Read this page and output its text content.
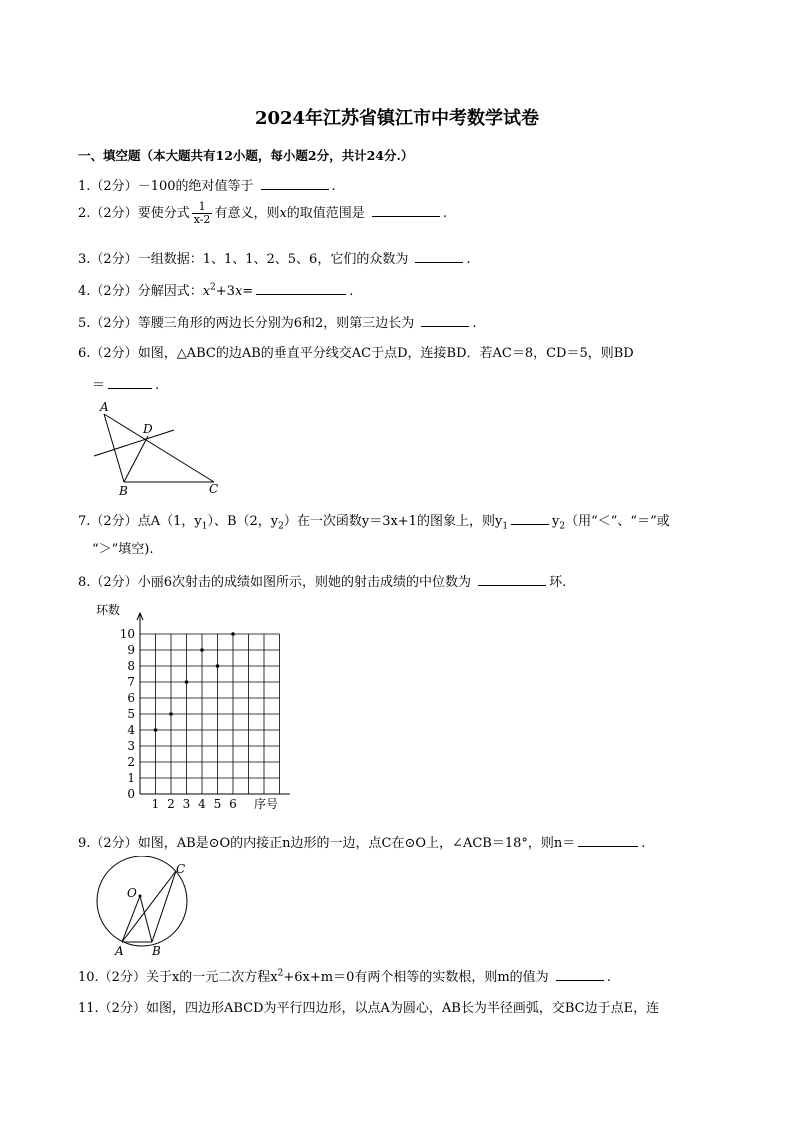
2024年江苏省镇江市中考数学试卷
一、填空题（本大题共有12小题，每小题2分，共计24分.）
1.（2分）－100的绝对值等于	.
2.（2分）要使分式 $\frac{1}{x-2}$ 有意义，则x的取值范围是	.
3.（2分）一组数据：1、1、1、2、5、6，它们的众数为	.
4.（2分）分解因式：$x^2+3x=$	.
5.（2分）等腰三角形的两边长分别为6和2，则第三边长为	.
6.（2分）如图，△ABC的边AB的垂直平分线交AC于点D，连接BD．若AC＝8，CD＝5，则BD
＝	.
A
B	C
D
7.（2分）点A（1，$y_1$）、B（2，$y_2$）在一次函数y＝3x+1的图象上，则$y_1$	$y_2$（用“＜”、“＝”或
“＞”填空).
8.（2分）小丽6次射击的成绩如图所示，则她的射击成绩的中位数为	环.
0
1
2
3
4
5
6
7
8
9
10
1 2 3 4 5 6
环数
序号
9.（2分）如图，AB是⊙O的内接正n边形的一边，点C在⊙O上，∠ACB＝18°，则n＝	.
O
A B
C
10.（2分）关于x的一元二次方程$x^2+6x+m=0$有两个相等的实数根，则m的值为	.
11.（2分）如图，四边形ABCD为平行四边形，以点A为圆心，AB长为半径画弧，交BC边于点E，连
